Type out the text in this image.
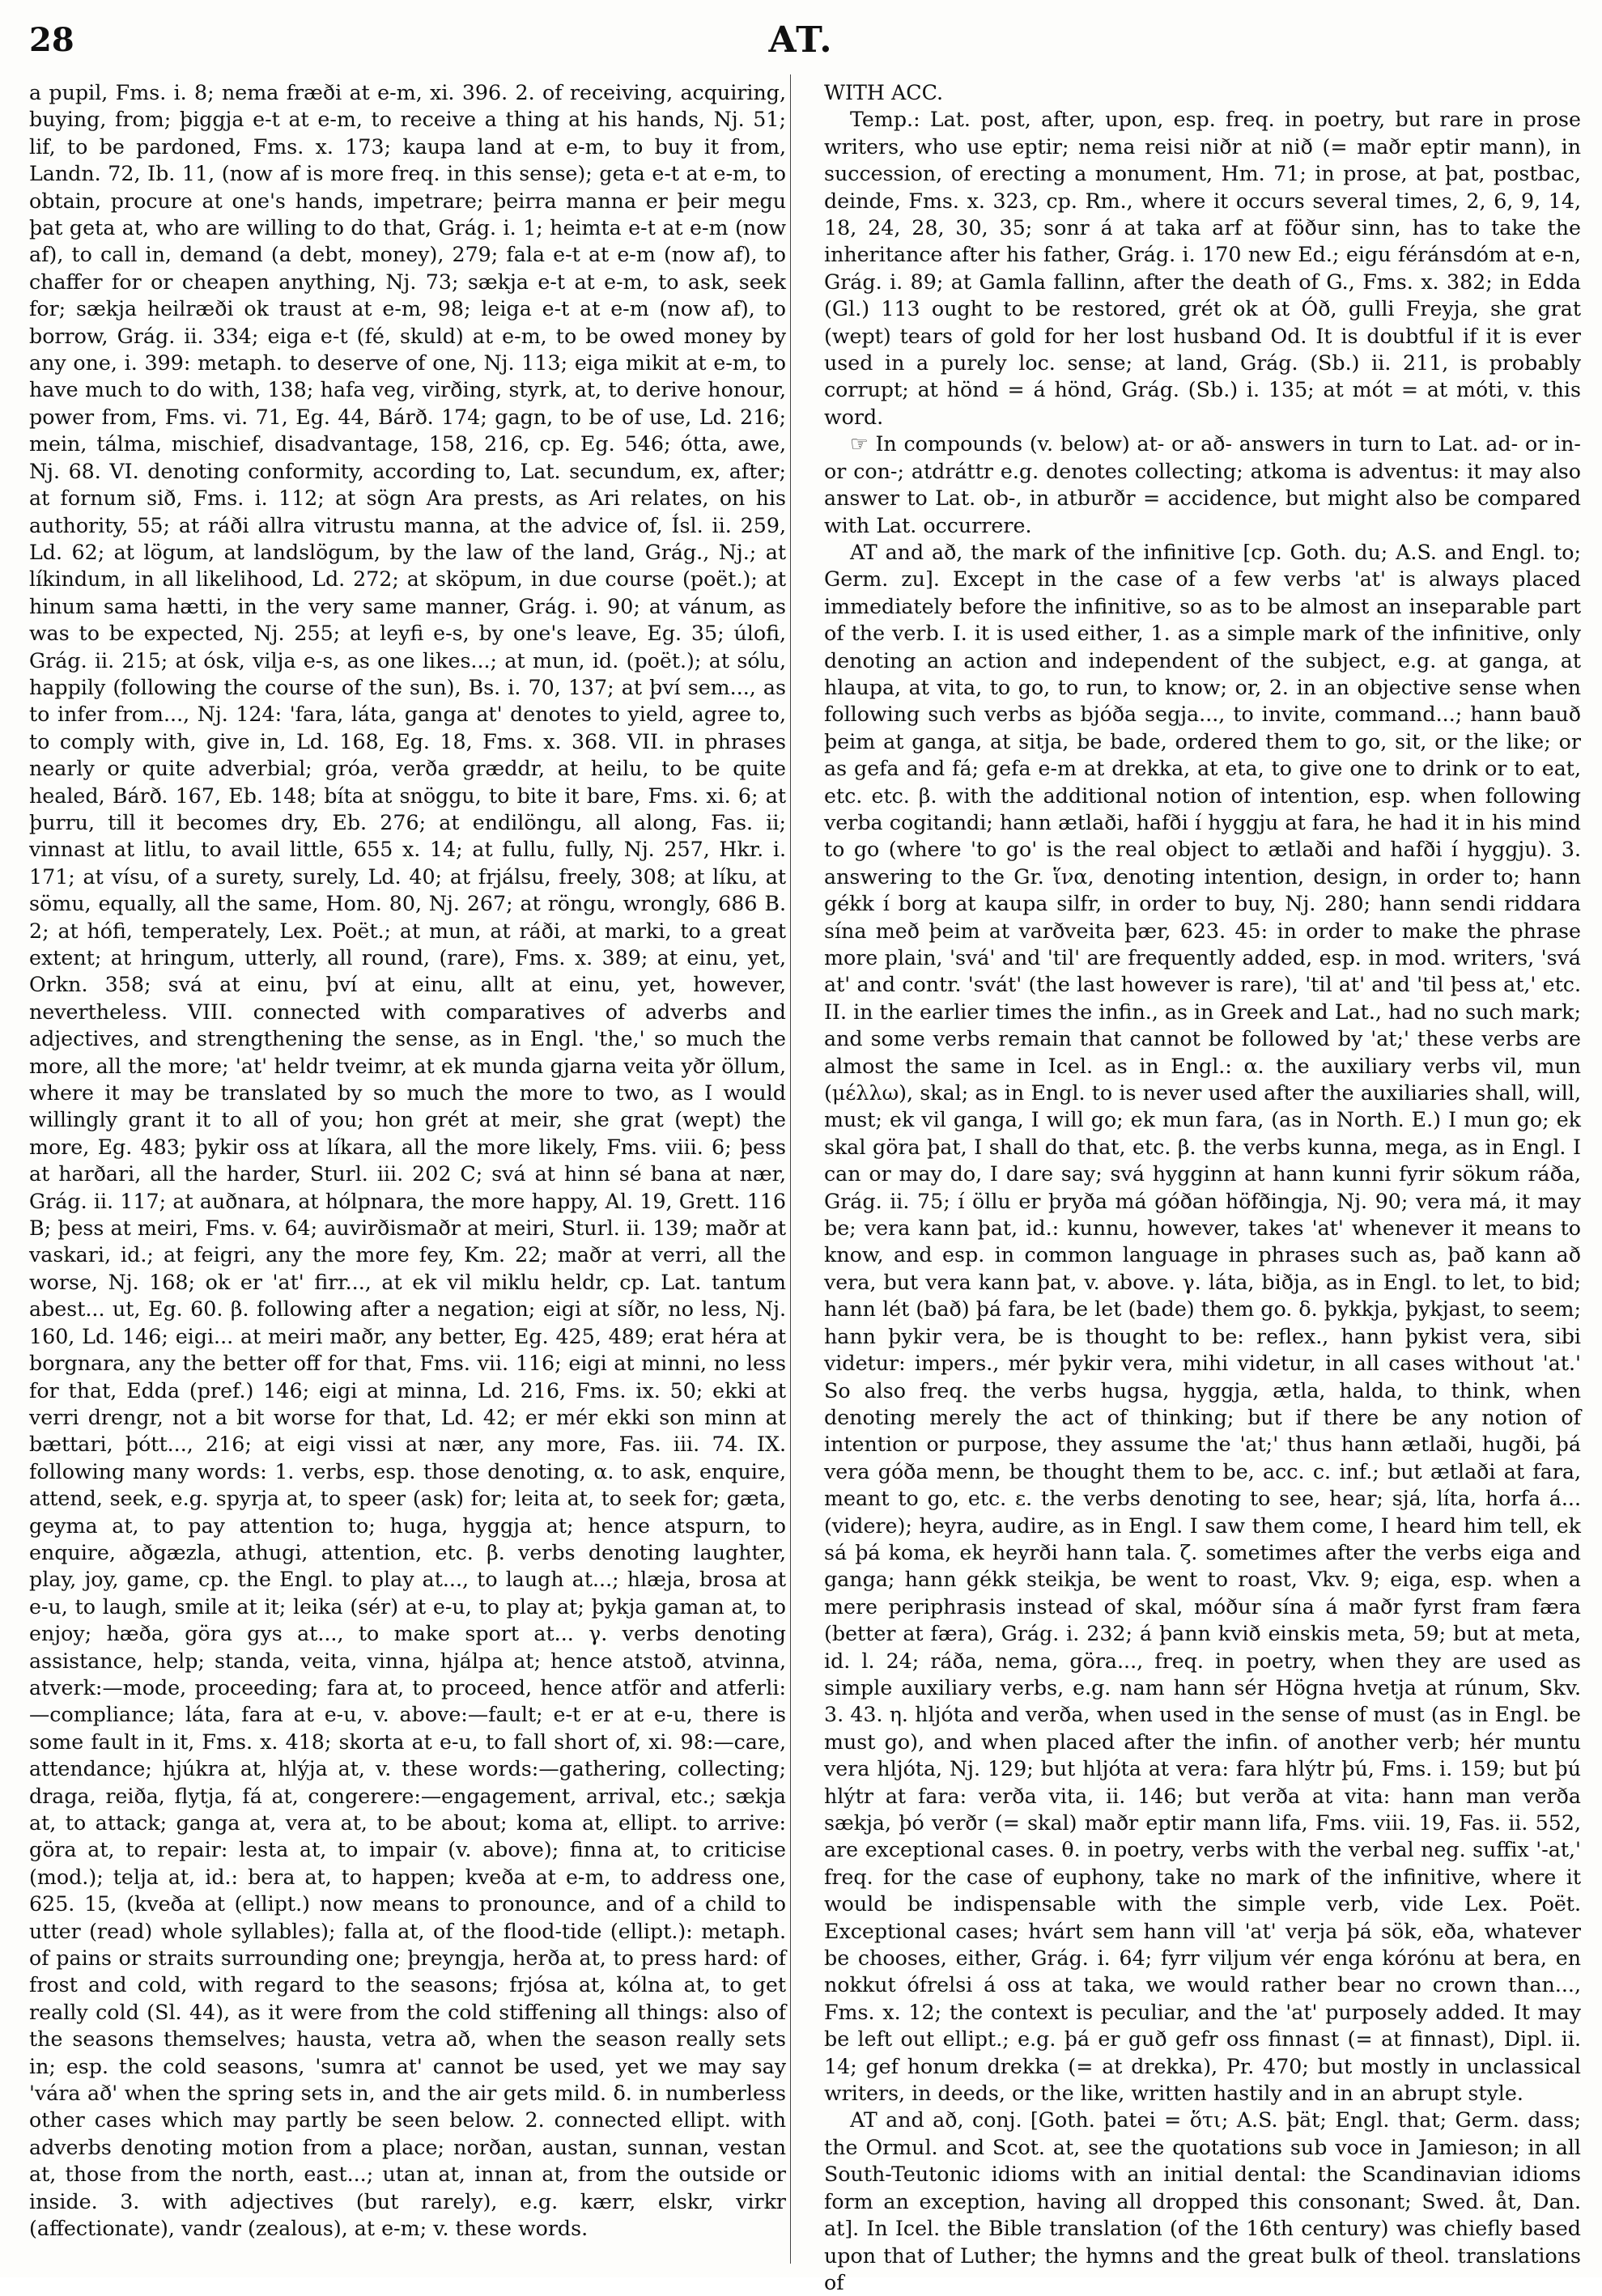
28	AT.

a pupil, Fms. i. 8; nema fræði at e-m, xi. 396. 2. of receiving, acquiring, buying, from; þiggja e-t at e-m, to receive a thing at his hands, Nj. 51; lif, to be pardoned, Fms. x. 173; kaupa land at e-m, to buy it from, Landn. 72, Ib. 11, (now af is more freq. in this sense); geta e-t at e-m, to obtain, procure at one's hands, impetrare; þeirra manna er þeir megu þat geta at, who are willing to do that, Grág. i. 1; heimta e-t at e-m (now af), to call in, demand (a debt, money), 279; fala e-t at e-m (now af), to chaffer for or cheapen anything, Nj. 73; sækja e-t at e-m, to ask, seek for; sækja heilræði ok traust at e-m, 98; leiga e-t at e-m (now af), to borrow, Grág. ii. 334; eiga e-t (fé, skuld) at e-m, to be owed money by any one, i. 399: metaph. to deserve of one, Nj. 113; eiga mikit at e-m, to have much to do with, 138; hafa veg, virðing, styrk, at, to derive honour, power from, Fms. vi. 71, Eg. 44, Bárð. 174; gagn, to be of use, Ld. 216; mein, tálma, mischief, disadvantage, 158, 216, cp. Eg. 546; ótta, awe, Nj. 68. VI. denoting conformity, according to, Lat. secundum, ex, after; at fornum sið, Fms. i. 112; at sögn Ara prests, as Ari relates, on his authority, 55; at ráði allra vitrustu manna, at the advice of, Ísl. ii. 259, Ld. 62; at lögum, at landslögum, by the law of the land, Grág., Nj.; at líkindum, in all likelihood, Ld. 272; at sköpum, in due course (poët.); at hinum sama hætti, in the very same manner, Grág. i. 90; at vánum, as was to be expected, Nj. 255; at leyfi e-s, by one's leave, Eg. 35; úlofi, Grág. ii. 215; at ósk, vilja e-s, as one likes...; at mun, id. (poët.); at sólu, happily (following the course of the sun), Bs. i. 70, 137; at því sem..., as to infer from..., Nj. 124: 'fara, láta, ganga at' denotes to yield, agree to, to comply with, give in, Ld. 168, Eg. 18, Fms. x. 368. VII. in phrases nearly or quite adverbial; gróa, verða græddr, at heilu, to be quite healed, Bárð. 167, Eb. 148; bíta at snöggu, to bite it bare, Fms. xi. 6; at þurru, till it becomes dry, Eb. 276; at endilöngu, all along, Fas. ii; vinnast at litlu, to avail little, 655 x. 14; at fullu, fully, Nj. 257, Hkr. i. 171; at vísu, of a surety, surely, Ld. 40; at frjálsu, freely, 308; at líku, at sömu, equally, all the same, Hom. 80, Nj. 267; at röngu, wrongly, 686 B. 2; at hófi, temperately, Lex. Poët.; at mun, at ráði, at marki, to a great extent; at hringum, utterly, all round, (rare), Fms. x. 389; at einu, yet, Orkn. 358; svá at einu, því at einu, allt at einu, yet, however, nevertheless. VIII. connected with comparatives of adverbs and adjectives, and strengthening the sense, as in Engl. 'the,' so much the more, all the more; 'at' heldr tveimr, at ek munda gjarna veita yðr öllum, where it may be translated by so much the more to two, as I would willingly grant it to all of you; hon grét at meir, she grat (wept) the more, Eg. 483; þykir oss at líkara, all the more likely, Fms. viii. 6; þess at harðari, all the harder, Sturl. iii. 202 C; svá at hinn sé bana at nær, Grág. ii. 117; at auðnara, at hólpnara, the more happy, Al. 19, Grett. 116 B; þess at meiri, Fms. v. 64; auvirðismaðr at meiri, Sturl. ii. 139; maðr at vaskari, id.; at feigri, any the more fey, Km. 22; maðr at verri, all the worse, Nj. 168; ok er 'at' firr..., at ek vil miklu heldr, cp. Lat. tantum abest... ut, Eg. 60. β. following after a negation; eigi at síðr, no less, Nj. 160, Ld. 146; eigi... at meiri maðr, any better, Eg. 425, 489; erat héra at borgnara, any the better off for that, Fms. vii. 116; eigi at minni, no less for that, Edda (pref.) 146; eigi at minna, Ld. 216, Fms. ix. 50; ekki at verri drengr, not a bit worse for that, Ld. 42; er mér ekki son minn at bættari, þótt..., 216; at eigi vissi at nær, any more, Fas. iii. 74. IX. following many words: 1. verbs, esp. those denoting, α. to ask, enquire, attend, seek, e.g. spyrja at, to speer (ask) for; leita at, to seek for; gæta, geyma at, to pay attention to; huga, hyggja at; hence atspurn, to enquire, aðgæzla, athugi, attention, etc. β. verbs denoting laughter, play, joy, game, cp. the Engl. to play at..., to laugh at...; hlæja, brosa at e-u, to laugh, smile at it; leika (sér) at e-u, to play at; þykja gaman at, to enjoy; hæða, göra gys at..., to make sport at... γ. verbs denoting assistance, help; standa, veita, vinna, hjálpa at; hence atstoð, atvinna, atverk:—mode, proceeding; fara at, to proceed, hence atför and atferli:—compliance; láta, fara at e-u, v. above:—fault; e-t er at e-u, there is some fault in it, Fms. x. 418; skorta at e-u, to fall short of, xi. 98:—care, attendance; hjúkra at, hlýja at, v. these words:—gathering, collecting; draga, reiða, flytja, fá at, congerere:—engagement, arrival, etc.; sækja at, to attack; ganga at, vera at, to be about; koma at, ellipt. to arrive: göra at, to repair: lesta at, to impair (v. above); finna at, to criticise (mod.); telja at, id.: bera at, to happen; kveða at e-m, to address one, 625. 15, (kveða at (ellipt.) now means to pronounce, and of a child to utter (read) whole syllables); falla at, of the flood-tide (ellipt.): metaph. of pains or straits surrounding one; þreyngja, herða at, to press hard: of frost and cold, with regard to the seasons; frjósa at, kólna at, to get really cold (Sl. 44), as it were from the cold stiffening all things: also of the seasons themselves; hausta, vetra að, when the season really sets in; esp. the cold seasons, 'sumra at' cannot be used, yet we may say 'vára að' when the spring sets in, and the air gets mild. δ. in numberless other cases which may partly be seen below. 2. connected ellipt. with adverbs denoting motion from a place; norðan, austan, sunnan, vestan at, those from the north, east...; utan at, innan at, from the outside or inside. 3. with adjectives (but rarely), e.g. kærr, elskr, virkr (affectionate), vandr (zealous), at e-m; v. these words.

WITH ACC.

Temp.: Lat. post, after, upon, esp. freq. in poetry, but rare in prose writers, who use eptir; nema reisi niðr at nið (= maðr eptir mann), in succession, of erecting a monument, Hm. 71; in prose, at þat, postbac, deinde, Fms. x. 323, cp. Rm., where it occurs several times, 2, 6, 9, 14, 18, 24, 28, 30, 35; sonr á at taka arf at föður sinn, has to take the inheritance after his father, Grág. i. 170 new Ed.; eigu féránsdóm at e-n, Grág. i. 89; at Gamla fallinn, after the death of G., Fms. x. 382; in Edda (Gl.) 113 ought to be restored, grét ok at Óð, gulli Freyja, she grat (wept) tears of gold for her lost husband Od. It is doubtful if it is ever used in a purely loc. sense; at land, Grág. (Sb.) ii. 211, is probably corrupt; at hönd = á hönd, Grág. (Sb.) i. 135; at mót = at móti, v. this word.

☞ In compounds (v. below) at- or að- answers in turn to Lat. ad- or in- or con-; atdráttr e.g. denotes collecting; atkoma is adventus: it may also answer to Lat. ob-, in atburðr = accidence, but might also be compared with Lat. occurrere.

AT and að, the mark of the infinitive [cp. Goth. du; A.S. and Engl. to; Germ. zu]. Except in the case of a few verbs 'at' is always placed immediately before the infinitive, so as to be almost an inseparable part of the verb. I. it is used either, 1. as a simple mark of the infinitive, only denoting an action and independent of the subject, e.g. at ganga, at hlaupa, at vita, to go, to run, to know; or, 2. in an objective sense when following such verbs as bjóða segja..., to invite, command...; hann bauð þeim at ganga, at sitja, be bade, ordered them to go, sit, or the like; or as gefa and fá; gefa e-m at drekka, at eta, to give one to drink or to eat, etc. etc. β. with the additional notion of intention, esp. when following verba cogitandi; hann ætlaði, hafði í hyggju at fara, he had it in his mind to go (where 'to go' is the real object to ætlaði and hafði í hyggju). 3. answering to the Gr. ἵνα, denoting intention, design, in order to; hann gékk í borg at kaupa silfr, in order to buy, Nj. 280; hann sendi riddara sína með þeim at varðveita þær, 623. 45: in order to make the phrase more plain, 'svá' and 'til' are frequently added, esp. in mod. writers, 'svá at' and contr. 'svát' (the last however is rare), 'til at' and 'til þess at,' etc. II. in the earlier times the infin., as in Greek and Lat., had no such mark; and some verbs remain that cannot be followed by 'at;' these verbs are almost the same in Icel. as in Engl.: α. the auxiliary verbs vil, mun (μέλλω), skal; as in Engl. to is never used after the auxiliaries shall, will, must; ek vil ganga, I will go; ek mun fara, (as in North. E.) I mun go; ek skal göra þat, I shall do that, etc. β. the verbs kunna, mega, as in Engl. I can or may do, I dare say; svá hygginn at hann kunni fyrir sökum ráða, Grág. ii. 75; í öllu er þryða má góðan höfðingja, Nj. 90; vera má, it may be; vera kann þat, id.: kunnu, however, takes 'at' whenever it means to know, and esp. in common language in phrases such as, það kann að vera, but vera kann þat, v. above. γ. láta, biðja, as in Engl. to let, to bid; hann lét (bað) þá fara, be let (bade) them go. δ. þykkja, þykjast, to seem; hann þykir vera, be is thought to be: reflex., hann þykist vera, sibi videtur: impers., mér þykir vera, mihi videtur, in all cases without 'at.' So also freq. the verbs hugsa, hyggja, ætla, halda, to think, when denoting merely the act of thinking; but if there be any notion of intention or purpose, they assume the 'at;' thus hann ætlaði, hugði, þá vera góða menn, be thought them to be, acc. c. inf.; but ætlaði at fara, meant to go, etc. ε. the verbs denoting to see, hear; sjá, líta, horfa á... (videre); heyra, audire, as in Engl. I saw them come, I heard him tell, ek sá þá koma, ek heyrði hann tala. ζ. sometimes after the verbs eiga and ganga; hann gékk steikja, be went to roast, Vkv. 9; eiga, esp. when a mere periphrasis instead of skal, móður sína á maðr fyrst fram færa (better at færa), Grág. i. 232; á þann kvið einskis meta, 59; but at meta, id. l. 24; ráða, nema, göra..., freq. in poetry, when they are used as simple auxiliary verbs, e.g. nam hann sér Högna hvetja at rúnum, Skv. 3. 43. η. hljóta and verða, when used in the sense of must (as in Engl. be must go), and when placed after the infin. of another verb; hér muntu vera hljóta, Nj. 129; but hljóta at vera: fara hlýtr þú, Fms. i. 159; but þú hlýtr at fara: verða vita, ii. 146; but verða at vita: hann man verða sækja, þó verðr (= skal) maðr eptir mann lifa, Fms. viii. 19, Fas. ii. 552, are exceptional cases. θ. in poetry, verbs with the verbal neg. suffix '-at,' freq. for the case of euphony, take no mark of the infinitive, where it would be indispensable with the simple verb, vide Lex. Poët. Exceptional cases; hvárt sem hann vill 'at' verja þá sök, eða, whatever be chooses, either, Grág. i. 64; fyrr viljum vér enga kórónu at bera, en nokkut ófrelsi á oss at taka, we would rather bear no crown than..., Fms. x. 12; the context is peculiar, and the 'at' purposely added. It may be left out ellipt.; e.g. þá er guð gefr oss finnast (= at finnast), Dipl. ii. 14; gef honum drekka (= at drekka), Pr. 470; but mostly in unclassical writers, in deeds, or the like, written hastily and in an abrupt style.

AT and að, conj. [Goth. þatei = ὅτι; A.S. þät; Engl. that; Germ. dass; the Ormul. and Scot. at, see the quotations sub voce in Jamieson; in all South-Teutonic idioms with an initial dental: the Scandinavian idioms form an exception, having all dropped this consonant; Swed. åt, Dan. at]. In Icel. the Bible translation (of the 16th century) was chiefly based upon that of Luther; the hymns and the great bulk of theol. translations of
